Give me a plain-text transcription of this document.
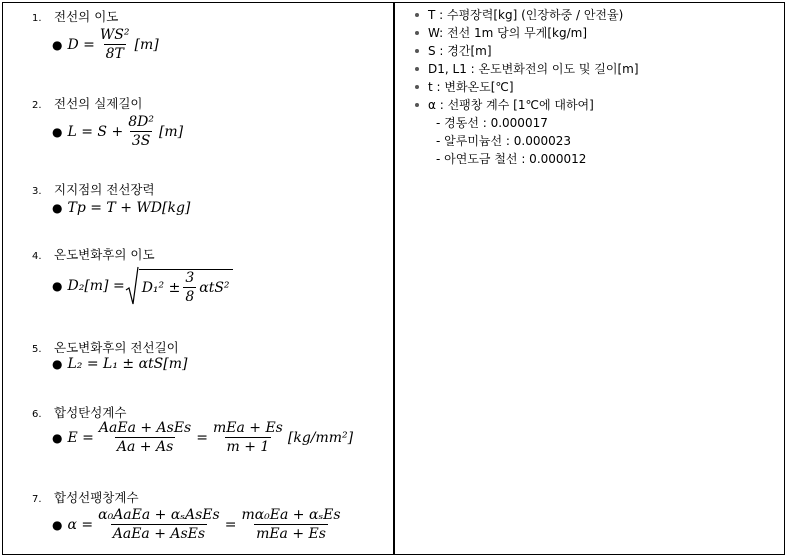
1. 전선의 이도
● $D = \frac{\text{WS²}}{8T} [m]$
2. 전선의 실제길이
● $L = S + \frac{\text{8D²}}{3S} [m]$
3. 지지점의 전선장력
● Tp = T + WD[kg]
4. 온도변화후의 이도
● $D_2[m] = D_1^2 \pm \frac{3}{8} \alpha tS^2$
5. 온도변화후의 전선길이
● L₂ = L₁ ± αtS[m]
6. 합성탄성계수
● $E = \frac{\text{AaEa + AsEs}}{Aa + As} = \frac{\text{mEa + Es}}{m + 1} [kg/mm^2]$
7. 합성선팽창계수
● $\alpha = \frac{\text{α₀AaEa + αₛAsEs}}{\text{AaEa + AsEs}} = \frac{\text{mα₀Ea + αₛEs}}{\text{mEa + Es}}$
T : 수평장력[kg] (인장하중 / 안전율)
W: 전선 1m 당의 무게[kg/m]
S : 경간[m]
D1, L1 : 온도변화전의 이도 및 길이[m]
t : 변화온도[℃]
α : 선팽창 계수 [1℃에 대하여]
- 경동선 : 0.000017
- 알루미늄선 : 0.000023
- 아연도금 철선 : 0.000012
